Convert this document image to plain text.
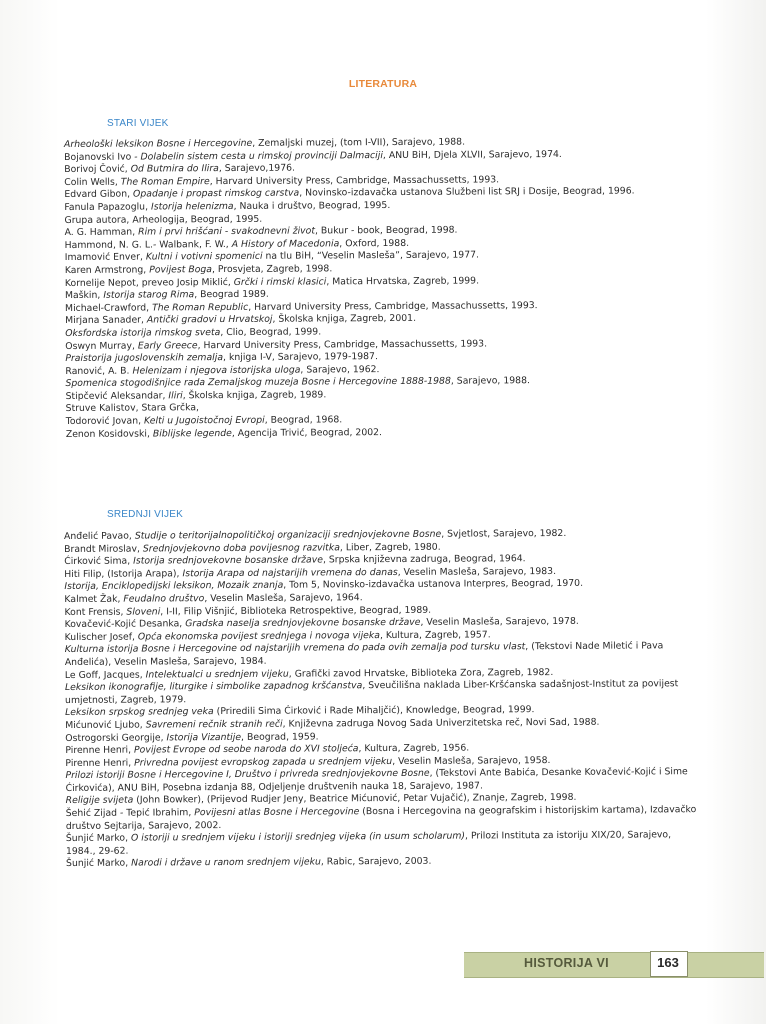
LITERATURA
STARI VIJEK
Arheološki leksikon Bosne i Hercegovine, Zemaljski muzej, (tom I-VII), Sarajevo, 1988.
Bojanovski Ivo - Dolabelin sistem cesta u rimskoj provinciji Dalmaciji, ANU BiH, Djela XLVII, Sarajevo, 1974.
Borivoj Čović, Od Butmira do Ilira, Sarajevo,1976.
Colin Wells, The Roman Empire, Harvard University Press, Cambridge, Massachussetts, 1993.
Edvard Gibon, Opadanje i propast rimskog carstva, Novinsko-izdavačka ustanova Službeni list SRJ i Dosije, Beograd, 1996.
Fanula Papazoglu, Istorija helenizma, Nauka i društvo, Beograd, 1995.
Grupa autora, Arheologija, Beograd, 1995.
A. G. Hamman, Rim i prvi hrišćani - svakodnevni život, Bukur - book, Beograd, 1998.
Hammond, N. G. L.- Walbank, F. W., A History of Macedonia, Oxford, 1988.
Imamović Enver, Kultni i votivni spomenici na tlu BiH, “Veselin Masleša”, Sarajevo, 1977.
Karen Armstrong, Povijest Boga, Prosvjeta, Zagreb, 1998.
Kornelije Nepot, preveo Josip Miklić, Grčki i rimski klasici, Matica Hrvatska, Zagreb, 1999.
Maškin, Istorija starog Rima, Beograd 1989.
Michael-Crawford, The Roman Republic, Harvard University Press, Cambridge, Massachussetts, 1993.
Mirjana Sanader, Antički gradovi u Hrvatskoj, Školska knjiga, Zagreb, 2001.
Oksfordska istorija rimskog sveta, Clio, Beograd, 1999.
Oswyn Murray, Early Greece, Harvard University Press, Cambridge, Massachussetts, 1993.
Praistorija jugoslovenskih zemalja, knjiga I-V, Sarajevo, 1979-1987.
Ranović, A. B. Helenizam i njegova istorijska uloga, Sarajevo, 1962.
Spomenica stogodišnjice rada Zemaljskog muzeja Bosne i Hercegovine 1888-1988, Sarajevo, 1988.
Stipčević Aleksandar, Iliri, Školska knjiga, Zagreb, 1989.
Struve Kalistov, Stara Grčka,
Todorović Jovan, Kelti u Jugoistočnoj Evropi, Beograd, 1968.
Zenon Kosidovski, Biblijske legende, Agencija Trivić, Beograd, 2002.
SREDNJI VIJEK
Anđelić Pavao, Studije o teritorijalnopolitičkoj organizaciji srednjovjekovne Bosne, Svjetlost, Sarajevo, 1982.
Brandt Miroslav, Srednjovjekovno doba povijesnog razvitka, Liber, Zagreb, 1980.
Ćirković Sima, Istorija srednjovekovne bosanske države, Srpska književna zadruga, Beograd, 1964.
Hiti Filip, (Istorija Arapa), Istorija Arapa od najstarijih vremena do danas, Veselin Masleša, Sarajevo, 1983.
Istorija, Enciklopedijski leksikon, Mozaik znanja, Tom 5, Novinsko-izdavačka ustanova Interpres, Beograd, 1970.
Kalmet Žak, Feudalno društvo, Veselin Masleša, Sarajevo, 1964.
Kont Frensis, Sloveni, I-II, Filip Višnjić, Biblioteka Retrospektive, Beograd, 1989.
Kovačević-Kojić Desanka, Gradska naselja srednjovjekovne bosanske države, Veselin Masleša, Sarajevo, 1978.
Kulischer Josef, Opća ekonomska povijest srednjega i novoga vijeka, Kultura, Zagreb, 1957.
Kulturna istorija Bosne i Hercegovine od najstarijih vremena do pada ovih zemalja pod tursku vlast, (Tekstovi Nade Miletić i Pava Anđelića), Veselin Masleša, Sarajevo, 1984.
Le Goff, Jacques, Intelektualci u srednjem vijeku, Grafički zavod Hrvatske, Biblioteka Zora, Zagreb, 1982.
Leksikon ikonografije, liturgike i simbolike zapadnog kršćanstva, Sveučilišna naklada Liber-Kršćanska sadašnjost-Institut za povijest umjetnosti, Zagreb, 1979.
Leksikon srpskog srednjeg veka (Priredili Sima Ćirković i Rade Mihaljčić), Knowledge, Beograd, 1999.
Mićunović Ljubo, Savremeni rečnik stranih reči, Književna zadruga Novog Sada Univerzitetska reč, Novi Sad, 1988.
Ostrogorski Georgije, Istorija Vizantije, Beograd, 1959.
Pirenne Henri, Povijest Evrope od seobe naroda do XVI stoljeća, Kultura, Zagreb, 1956.
Pirenne Henri, Privredna povijest evropskog zapada u srednjem vijeku, Veselin Masleša, Sarajevo, 1958.
Prilozi istoriji Bosne i Hercegovine I, Društvo i privreda srednjovjekovne Bosne, (Tekstovi Ante Babića, Desanke Kovačević-Kojić i Sime Ćirkovića), ANU BiH, Posebna izdanja 88, Odjeljenje društvenih nauka 18, Sarajevo, 1987.
Religije svijeta (John Bowker), (Prijevod Rudjer Jeny, Beatrice Mićunović, Petar Vujačić), Znanje, Zagreb, 1998.
Šehić Zijad - Tepić Ibrahim, Povijesni atlas Bosne i Hercegovine (Bosna i Hercegovina na geografskim i historijskim kartama), Izdavačko društvo Sejtarija, Sarajevo, 2002.
Šunjić Marko, O istoriji u srednjem vijeku i istoriji srednjeg vijeka (in usum scholarum), Prilozi Instituta za istoriju XIX/20, Sarajevo, 1984., 29-62.
Šunjić Marko, Narodi i države u ranom srednjem vijeku, Rabic, Sarajevo, 2003.
HISTORIJA VI	163
